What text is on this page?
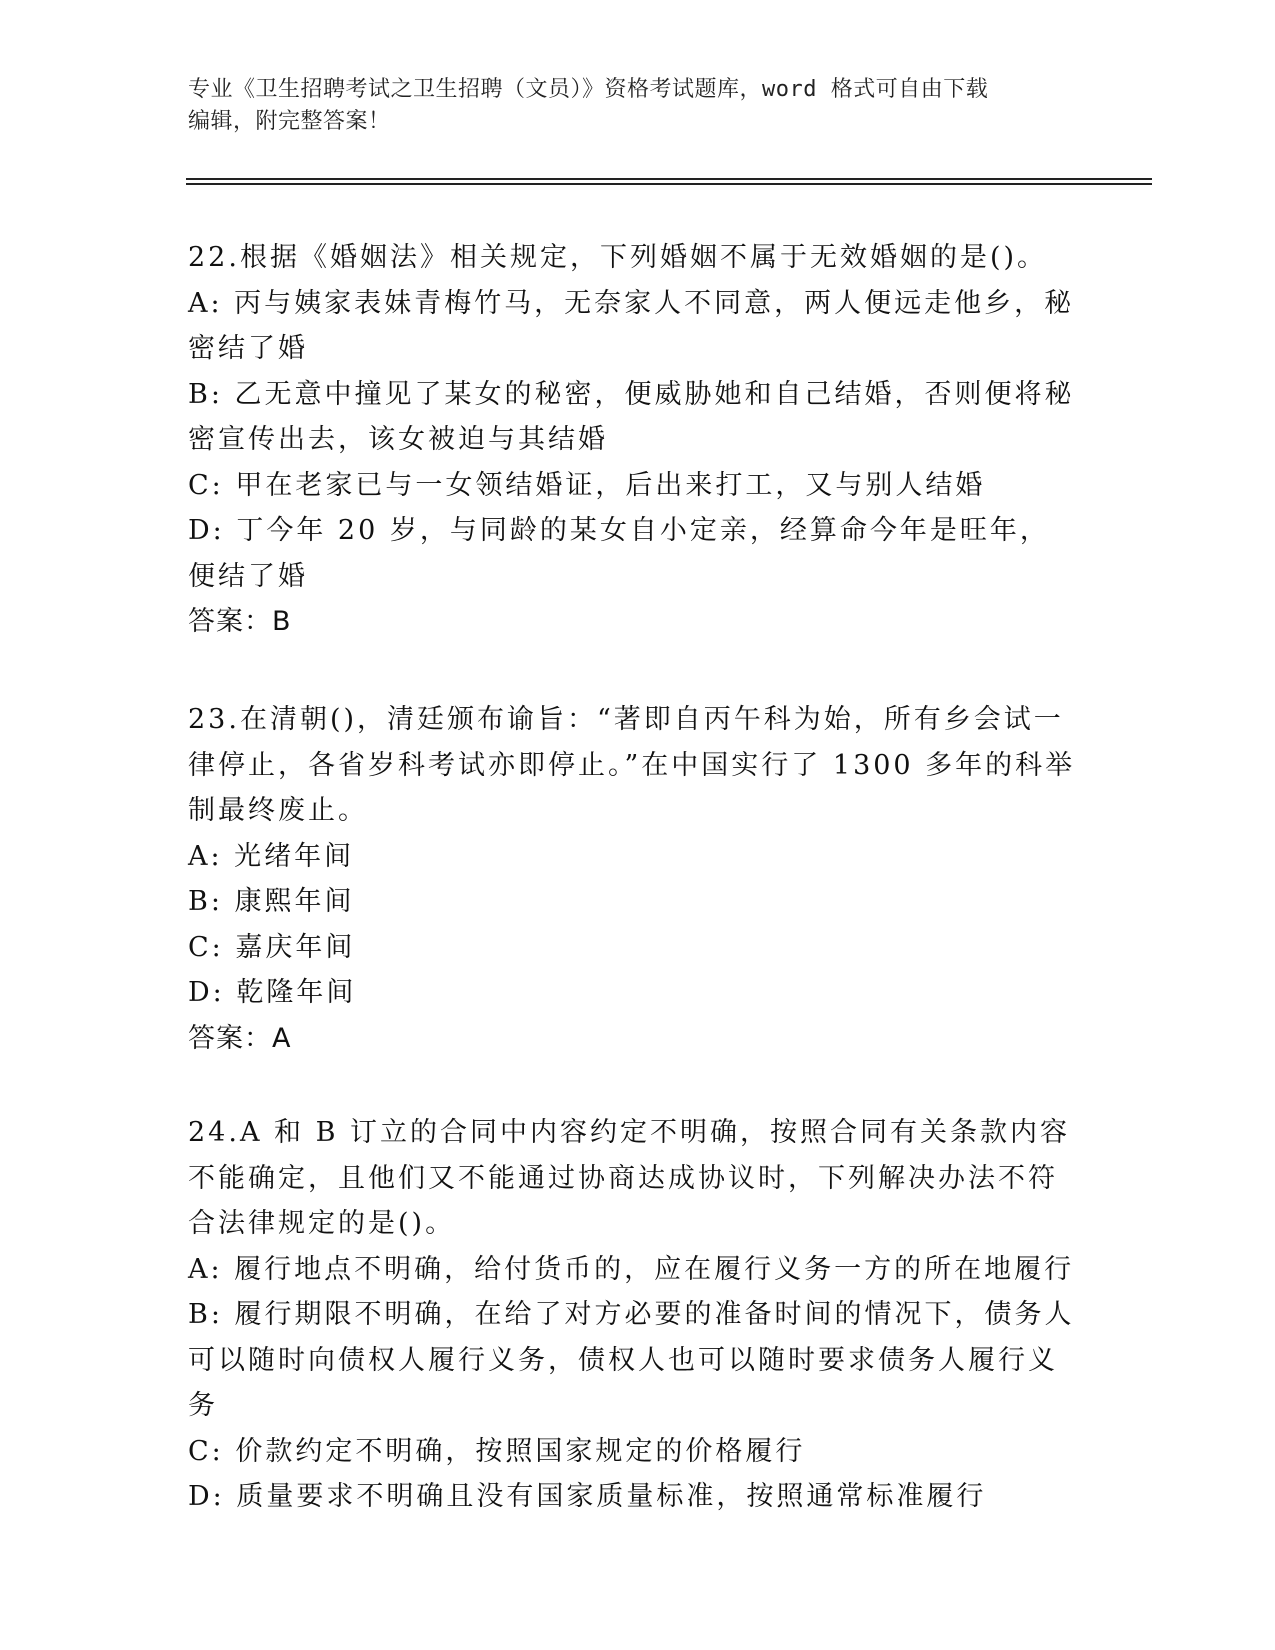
专业《卫生招聘考试之卫生招聘（文员）》资格考试题库，word 格式可自由下载
编辑，附完整答案！

22.根据《婚姻法》相关规定，下列婚姻不属于无效婚姻的是()。

A: 丙与姨家表妹青梅竹马，无奈家人不同意，两人便远走他乡，秘密结了婚

B: 乙无意中撞见了某女的秘密，便威胁她和自己结婚，否则便将秘密宣传出去，该女被迫与其结婚

C: 甲在老家已与一女领结婚证，后出来打工，又与别人结婚

D: 丁今年 20 岁，与同龄的某女自小定亲，经算命今年是旺年，便结了婚

答案：B

23.在清朝()，清廷颁布谕旨：“著即自丙午科为始，所有乡会试一律停止，各省岁科考试亦即停止。”在中国实行了 1300 多年的科举制最终废止。

A: 光绪年间

B: 康熙年间

C: 嘉庆年间

D: 乾隆年间

答案：A

24.A 和 B 订立的合同中内容约定不明确，按照合同有关条款内容不能确定，且他们又不能通过协商达成协议时，下列解决办法不符合法律规定的是()。

A: 履行地点不明确，给付货币的，应在履行义务一方的所在地履行

B: 履行期限不明确，在给了对方必要的准备时间的情况下，债务人可以随时向债权人履行义务，债权人也可以随时要求债务人履行义务

C: 价款约定不明确，按照国家规定的价格履行

D: 质量要求不明确且没有国家质量标准，按照通常标准履行
